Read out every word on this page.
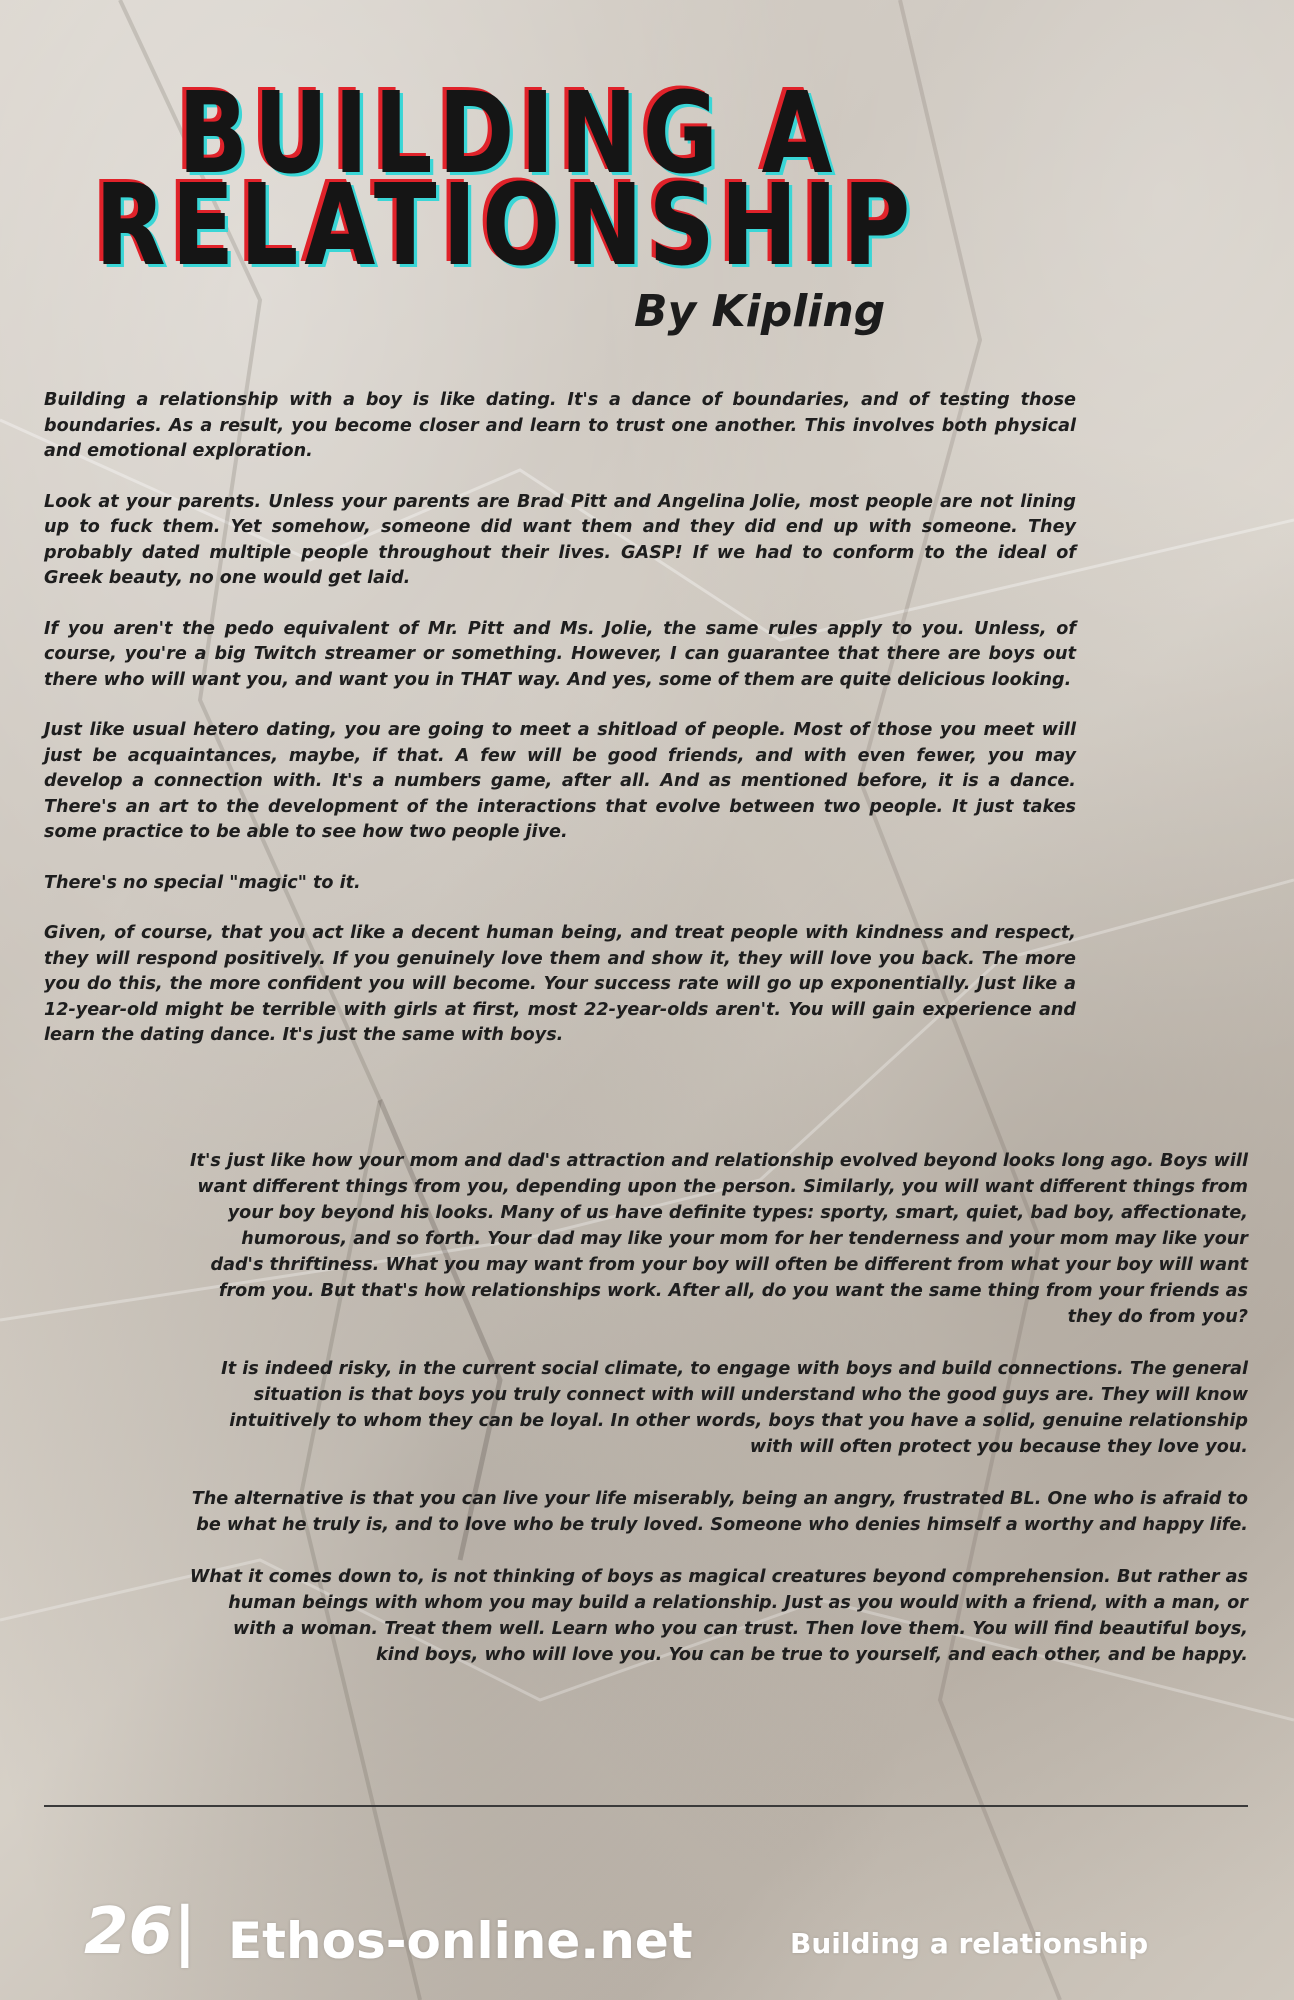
BUILDING A
RELATIONSHIP
By Kipling

Building a relationship with a boy is like dating. It's a dance of boundaries, and of testing those boundaries. As a result, you become closer and learn to trust one another. This involves both physical and emotional exploration.

Look at your parents. Unless your parents are Brad Pitt and Angelina Jolie, most people are not lining up to fuck them. Yet somehow, someone did want them and they did end up with someone. They probably dated multiple people throughout their lives. GASP! If we had to conform to the ideal of Greek beauty, no one would get laid.

If you aren't the pedo equivalent of Mr. Pitt and Ms. Jolie, the same rules apply to you. Unless, of course, you're a big Twitch streamer or something. However, I can guarantee that there are boys out there who will want you, and want you in THAT way. And yes, some of them are quite delicious looking.

Just like usual hetero dating, you are going to meet a shitload of people. Most of those you meet will just be acquaintances, maybe, if that. A few will be good friends, and with even fewer, you may develop a connection with. It's a numbers game, after all. And as mentioned before, it is a dance. There's an art to the development of the interactions that evolve between two people. It just takes some practice to be able to see how two people jive.

There's no special "magic" to it.

Given, of course, that you act like a decent human being, and treat people with kindness and respect, they will respond positively. If you genuinely love them and show it, they will love you back. The more you do this, the more confident you will become. Your success rate will go up exponentially. Just like a 12-year-old might be terrible with girls at first, most 22-year-olds aren't. You will gain experience and learn the dating dance. It's just the same with boys.

It's just like how your mom and dad's attraction and relationship evolved beyond looks long ago. Boys will want different things from you, depending upon the person. Similarly, you will want different things from your boy beyond his looks. Many of us have definite types: sporty, smart, quiet, bad boy, affectionate, humorous, and so forth. Your dad may like your mom for her tenderness and your mom may like your dad's thriftiness. What you may want from your boy will often be different from what your boy will want from you. But that's how relationships work. After all, do you want the same thing from your friends as they do from you?

It is indeed risky, in the current social climate, to engage with boys and build connections. The general situation is that boys you truly connect with will understand who the good guys are. They will know intuitively to whom they can be loyal. In other words, boys that you have a solid, genuine relationship with will often protect you because they love you.

The alternative is that you can live your life miserably, being an angry, frustrated BL. One who is afraid to be what he truly is, and to love who be truly loved. Someone who denies himself a worthy and happy life.

What it comes down to, is not thinking of boys as magical creatures beyond comprehension. But rather as human beings with whom you may build a relationship. Just as you would with a friend, with a man, or with a woman. Treat them well. Learn who you can trust. Then love them. You will find beautiful boys, kind boys, who will love you. You can be true to yourself, and each other, and be happy.

26| Ethos-online.net	Building a relationship
